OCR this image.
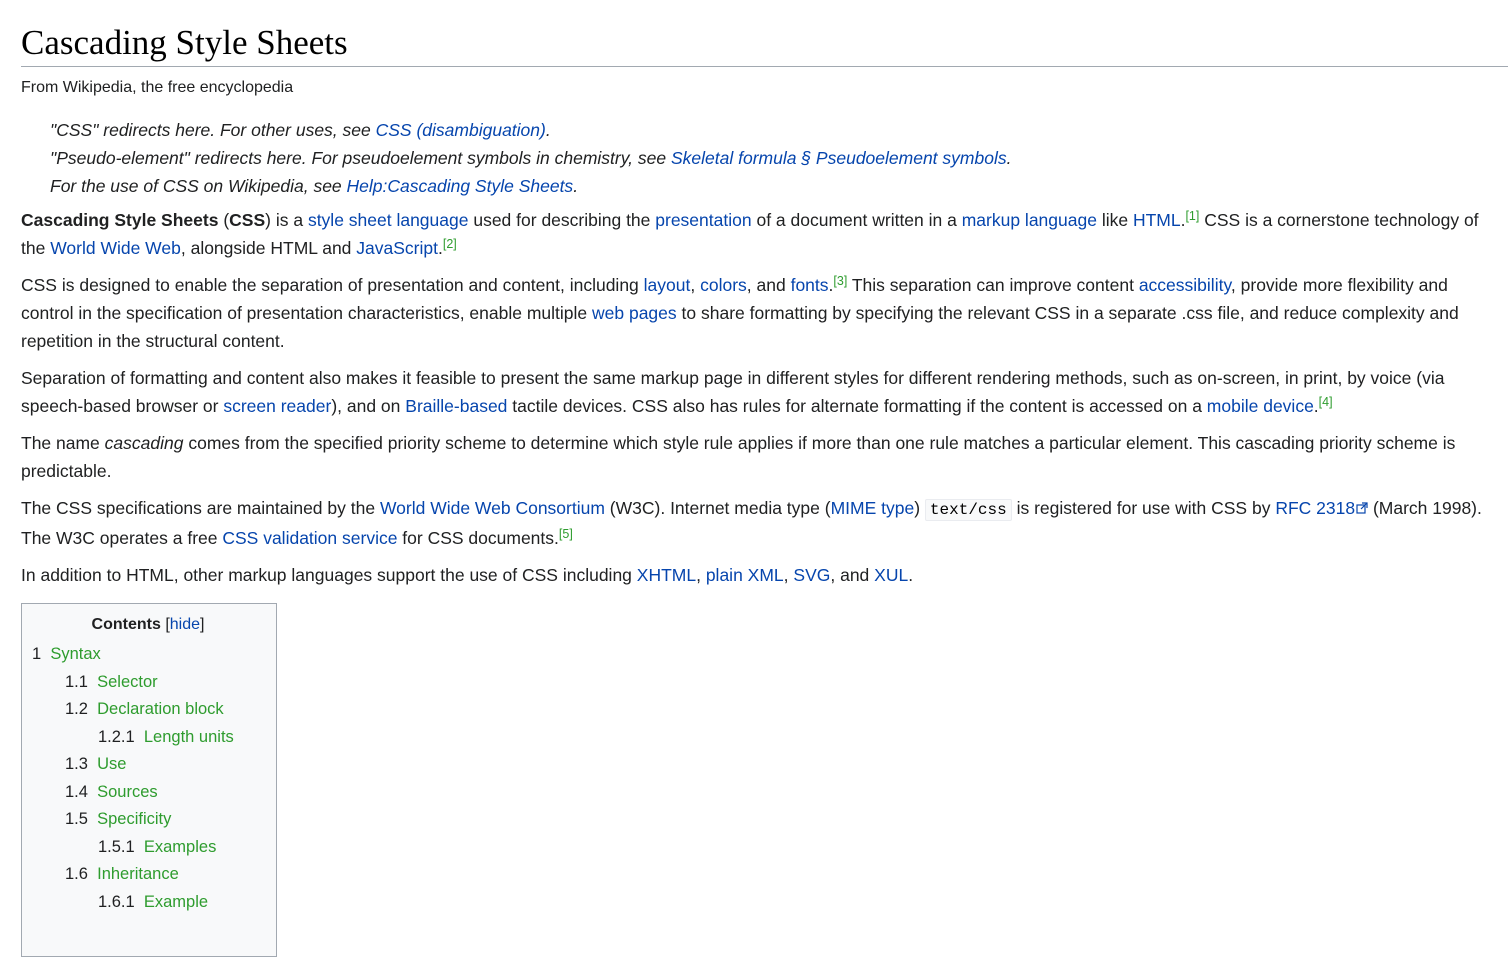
Cascading Style Sheets
From Wikipedia, the free encyclopedia
"CSS" redirects here. For other uses, see CSS (disambiguation).
"Pseudo-element" redirects here. For pseudoelement symbols in chemistry, see Skeletal formula § Pseudoelement symbols.
For the use of CSS on Wikipedia, see Help:Cascading Style Sheets.

Cascading Style Sheets (CSS) is a style sheet language used for describing the presentation of a document written in a markup language like HTML.[1] CSS is a cornerstone technology of the World Wide Web, alongside HTML and JavaScript.[2]

CSS is designed to enable the separation of presentation and content, including layout, colors, and fonts.[3] This separation can improve content accessibility, provide more flexibility and control in the specification of presentation characteristics, enable multiple web pages to share formatting by specifying the relevant CSS in a separate .css file, and reduce complexity and repetition in the structural content.

Separation of formatting and content also makes it feasible to present the same markup page in different styles for different rendering methods, such as on-screen, in print, by voice (via speech-based browser or screen reader), and on Braille-based tactile devices. CSS also has rules for alternate formatting if the content is accessed on a mobile device.[4]

The name cascading comes from the specified priority scheme to determine which style rule applies if more than one rule matches a particular element. This cascading priority scheme is predictable.

The CSS specifications are maintained by the World Wide Web Consortium (W3C). Internet media type (MIME type) text/css is registered for use with CSS by RFC 2318 (March 1998). The W3C operates a free CSS validation service for CSS documents.[5]

In addition to HTML, other markup languages support the use of CSS including XHTML, plain XML, SVG, and XUL.

Contents [hide]
1 Syntax
1.1 Selector
1.2 Declaration block
1.2.1 Length units
1.3 Use
1.4 Sources
1.5 Specificity
1.5.1 Examples
1.6 Inheritance
1.6.1 Example
